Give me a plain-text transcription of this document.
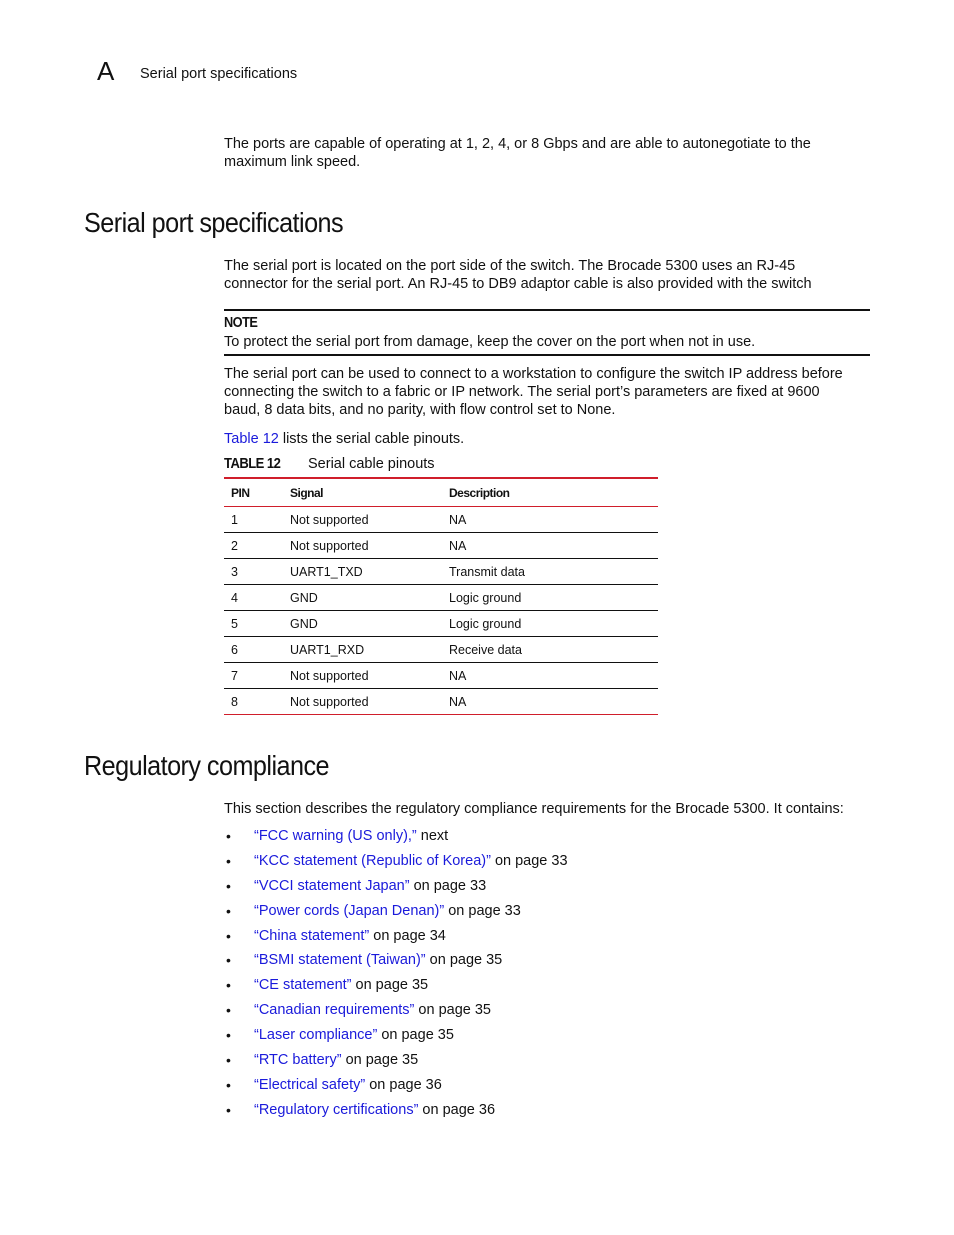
A Serial port specifications
The ports are capable of operating at 1, 2, 4, or 8 Gbps and are able to autonegotiate to the maximum link speed.
Serial port specifications
The serial port is located on the port side of the switch. The Brocade 5300 uses an RJ-45
connector for the serial port. An RJ-45 to DB9 adaptor cable is also provided with the switch
NOTE
To protect the serial port from damage, keep the cover on the port when not in use.
The serial port can be used to connect to a workstation to configure the switch IP address before
connecting the switch to a fabric or IP network. The serial port’s parameters are fixed at 9600
baud, 8 data bits, and no parity, with flow control set to None.
Table 12 lists the serial cable pinouts.
TABLE 12 Serial cable pinouts
PIN	Signal	Description
1	Not supported	NA
2	Not supported	NA
3	UART1_TXD	Transmit data
4	GND	Logic ground
5	GND	Logic ground
6	UART1_RXD	Receive data
7	Not supported	NA
8	Not supported	NA
Regulatory compliance
This section describes the regulatory compliance requirements for the Brocade 5300. It contains:
• “FCC warning (US only),” next
• “KCC statement (Republic of Korea)” on page 33
• “VCCI statement Japan” on page 33
• “Power cords (Japan Denan)” on page 33
• “China statement” on page 34
• “BSMI statement (Taiwan)” on page 35
• “CE statement” on page 35
• “Canadian requirements” on page 35
• “Laser compliance” on page 35
• “RTC battery” on page 35
• “Electrical safety” on page 36
• “Regulatory certifications” on page 36
